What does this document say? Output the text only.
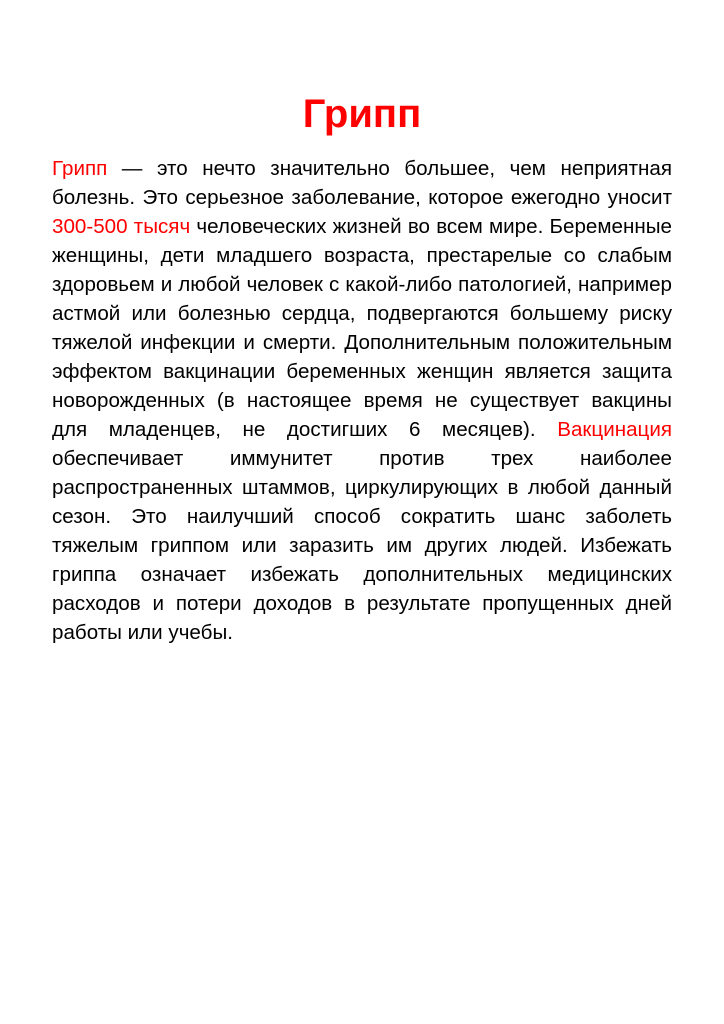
Грипп

Грипп — это нечто значительно большее, чем неприятная болезнь. Это серьезное заболевание, которое ежегодно уносит 300-500 тысяч человеческих жизней во всем мире. Беременные женщины, дети младшего возраста, престарелые со слабым здоровьем и любой человек с какой-либо патологией, например астмой или болезнью сердца, подвергаются большему риску тяжелой инфекции и смерти. Дополнительным положительным эффектом вакцинации беременных женщин является защита новорожденных (в настоящее время не существует вакцины для младенцев, не достигших 6 месяцев). Вакцинация обеспечивает иммунитет против трех наиболее распространенных штаммов, циркулирующих в любой данный сезон. Это наилучший способ сократить шанс заболеть тяжелым гриппом или заразить им других людей. Избежать гриппа означает избежать дополнительных медицинских расходов и потери доходов в результате пропущенных дней работы или учебы.
